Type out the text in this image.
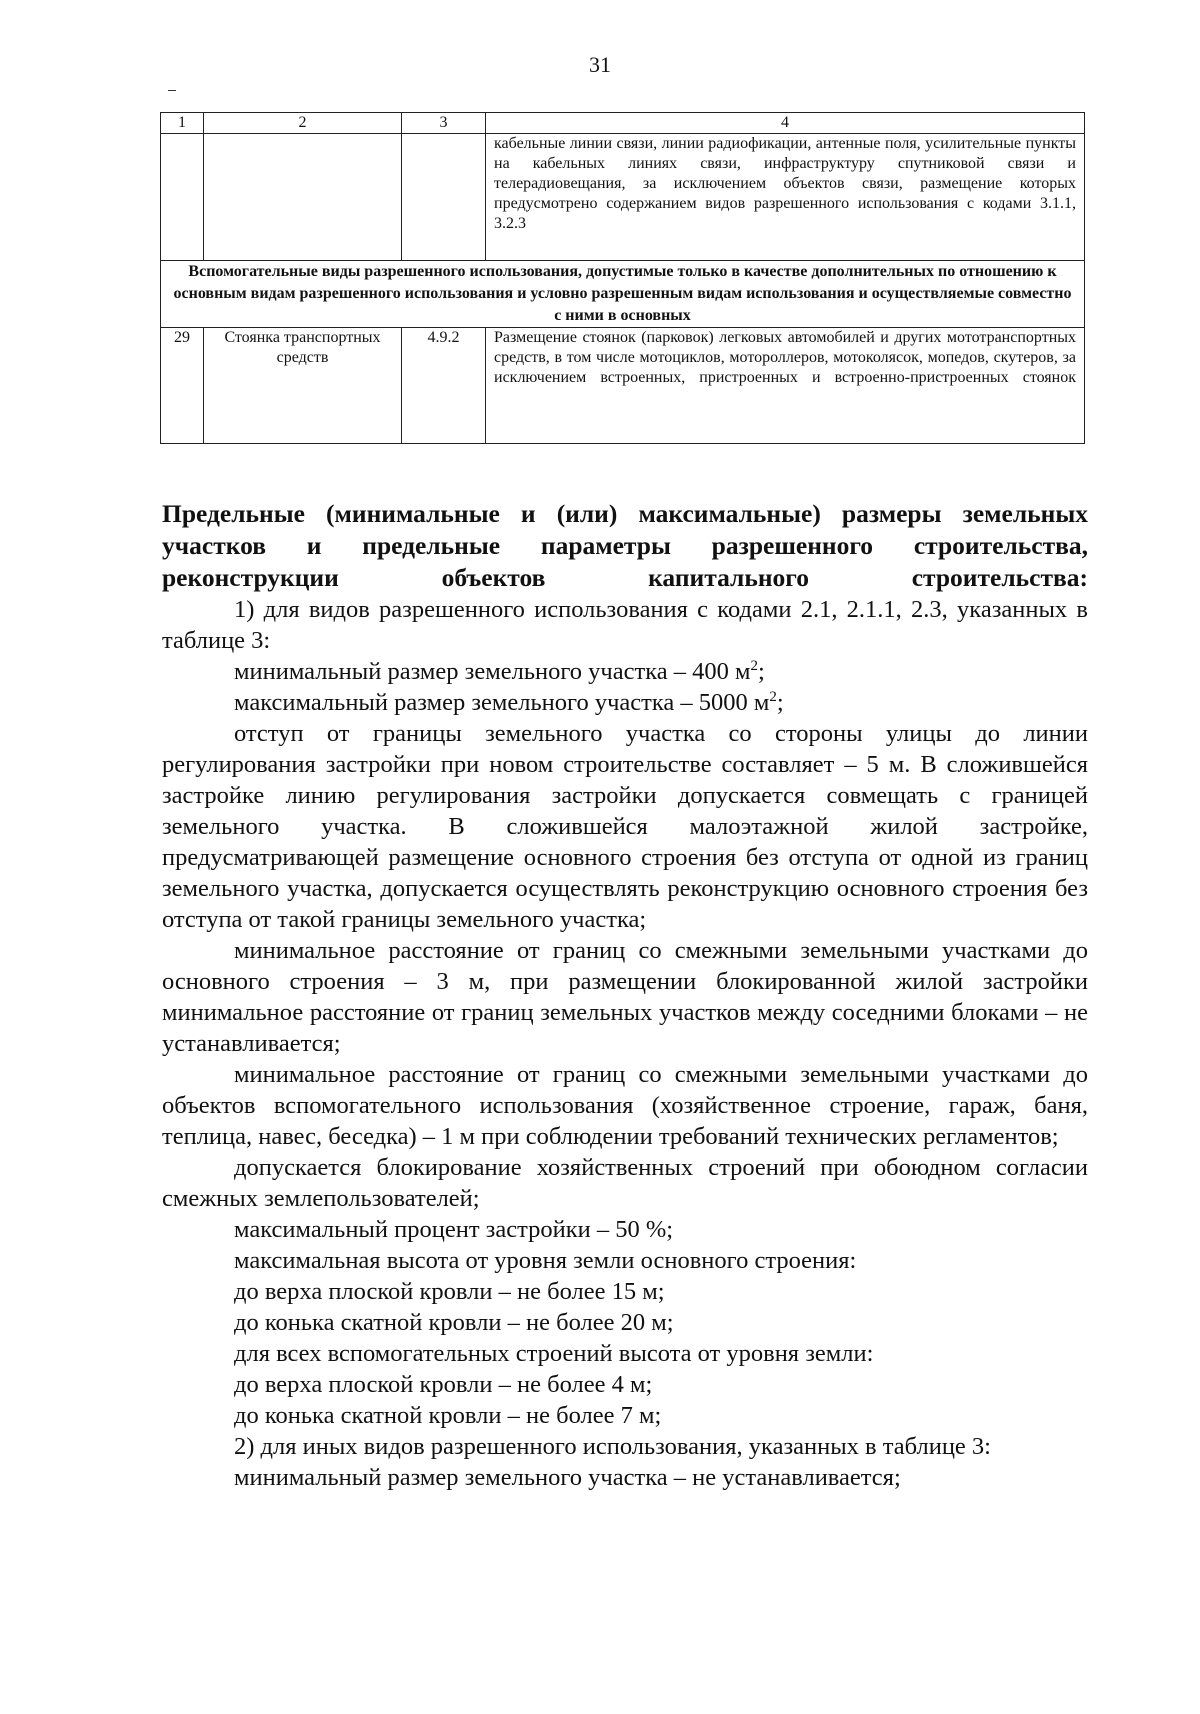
31
1	2	3	4
			кабельные линии связи, линии радиофикации, антенные поля, усилительные пункты на кабельных линиях связи, инфраструктуру спутниковой связи и телерадиовещания, за исключением объектов связи, размещение которых предусмотрено содержанием видов разрешенного использования с кодами 3.1.1, 3.2.3
Вспомогательные виды разрешенного использования, допустимые только в качестве дополнительных по отношению к основным видам разрешенного использования и условно разрешенным видам использования и осуществляемые совместно с ними в основных			
29	Стоянка транспортных средств	4.9.2	Размещение стоянок (парковок) легковых автомобилей и других мототранспортных средств, в том числе мотоциклов, мотороллеров, мотоколясок, мопедов, скутеров, за исключением встроенных, пристроенных и встроенно-пристроенных стоянок

Предельные (минимальные и (или) максимальные) размеры земельных участков и предельные параметры разрешенного строительства, реконструкции объектов капитального строительства:

1) для видов разрешенного использования с кодами 2.1, 2.1.1, 2.3, указанных в таблице 3:

минимальный размер земельного участка – 400 $м^2$;

максимальный размер земельного участка – 5000 $м^2$;

отступ от границы земельного участка со стороны улицы до линии регулирования застройки при новом строительстве составляет – 5 м. В сложившейся застройке линию регулирования застройки допускается совмещать с границей земельного участка. В сложившейся малоэтажной жилой застройке, предусматривающей размещение основного строения без отступа от одной из границ земельного участка, допускается осуществлять реконструкцию основного строения без отступа от такой границы земельного участка;

минимальное расстояние от границ со смежными земельными участками до основного строения – 3 м, при размещении блокированной жилой застройки минимальное расстояние от границ земельных участков между соседними блоками – не устанавливается;

минимальное расстояние от границ со смежными земельными участками до объектов вспомогательного использования (хозяйственное строение, гараж, баня, теплица, навес, беседка) – 1 м при соблюдении требований технических регламентов;

допускается блокирование хозяйственных строений при обоюдном согласии смежных землепользователей;

максимальный процент застройки – 50 %;

максимальная высота от уровня земли основного строения:

до верха плоской кровли – не более 15 м;

до конька скатной кровли – не более 20 м;

для всех вспомогательных строений высота от уровня земли:

до верха плоской кровли – не более 4 м;

до конька скатной кровли – не более 7 м;

2) для иных видов разрешенного использования, указанных в таблице 3:

минимальный размер земельного участка – не устанавливается;
